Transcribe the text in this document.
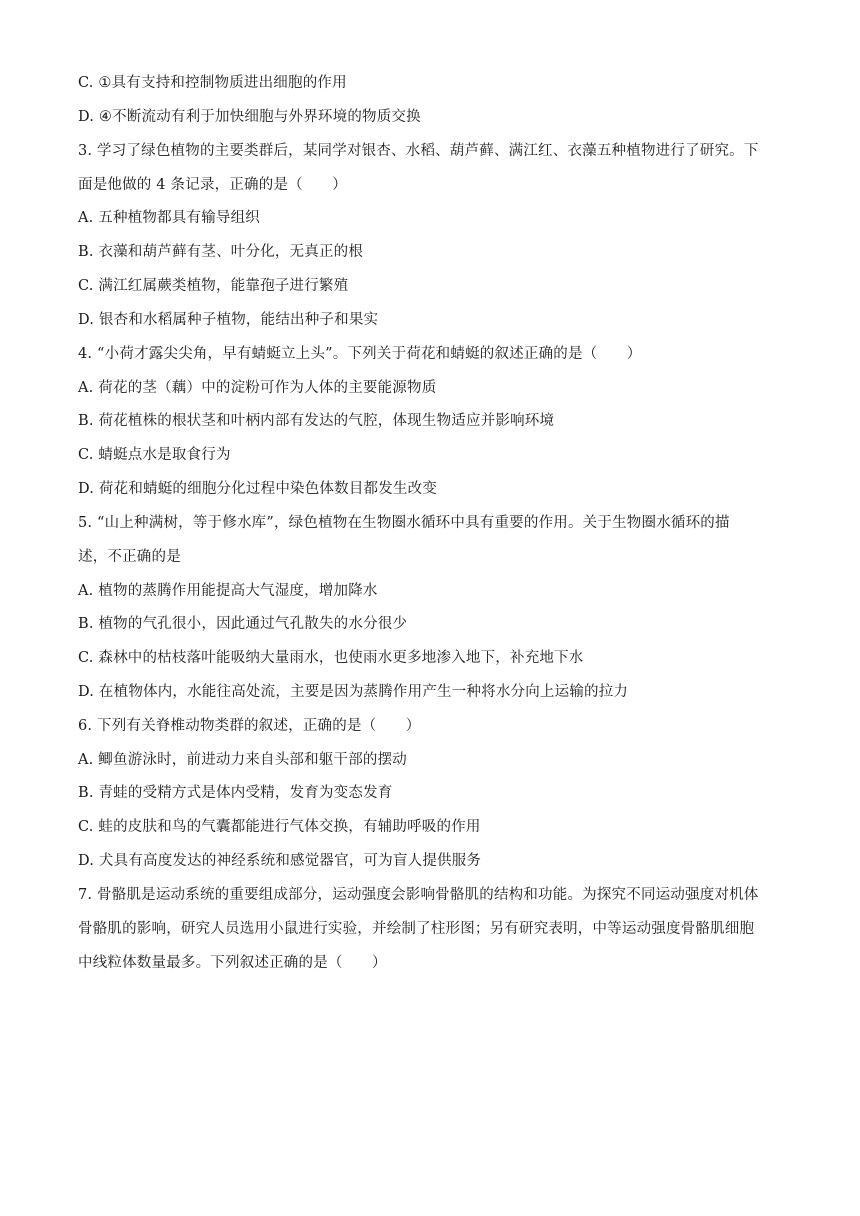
C. ①具有支持和控制物质进出细胞的作用
D. ④不断流动有利于加快细胞与外界环境的物质交换
3. 学习了绿色植物的主要类群后，某同学对银杏、水稻、葫芦藓、满江红、衣藻五种植物进行了研究。下
面是他做的 4 条记录，正确的是（　　）
A. 五种植物都具有输导组织
B. 衣藻和葫芦藓有茎、叶分化，无真正的根
C. 满江红属蕨类植物，能靠孢子进行繁殖
D. 银杏和水稻属种子植物，能结出种子和果实
4. “小荷才露尖尖角，早有蜻蜓立上头”。下列关于荷花和蜻蜓的叙述正确的是（　　）
A. 荷花的茎（藕）中的淀粉可作为人体的主要能源物质
B. 荷花植株的根状茎和叶柄内部有发达的气腔，体现生物适应并影响环境
C. 蜻蜓点水是取食行为
D. 荷花和蜻蜓的细胞分化过程中染色体数目都发生改变
5. “山上种满树，等于修水库”，绿色植物在生物圈水循环中具有重要的作用。关于生物圈水循环的描
述，不正确的是
A. 植物的蒸腾作用能提高大气湿度，增加降水
B. 植物的气孔很小，因此通过气孔散失的水分很少
C. 森林中的枯枝落叶能吸纳大量雨水，也使雨水更多地渗入地下，补充地下水
D. 在植物体内，水能往高处流，主要是因为蒸腾作用产生一种将水分向上运输的拉力
6. 下列有关脊椎动物类群的叙述，正确的是（　　）
A. 鲫鱼游泳时，前进动力来自头部和躯干部的摆动
B. 青蛙的受精方式是体内受精，发育为变态发育
C. 蛙的皮肤和鸟的气囊都能进行气体交换，有辅助呼吸的作用
D. 犬具有高度发达的神经系统和感觉器官，可为盲人提供服务
7. 骨骼肌是运动系统的重要组成部分，运动强度会影响骨骼肌的结构和功能。为探究不同运动强度对机体
骨骼肌的影响，研究人员选用小鼠进行实验，并绘制了柱形图；另有研究表明，中等运动强度骨骼肌细胞
中线粒体数量最多。下列叙述正确的是（　　）
